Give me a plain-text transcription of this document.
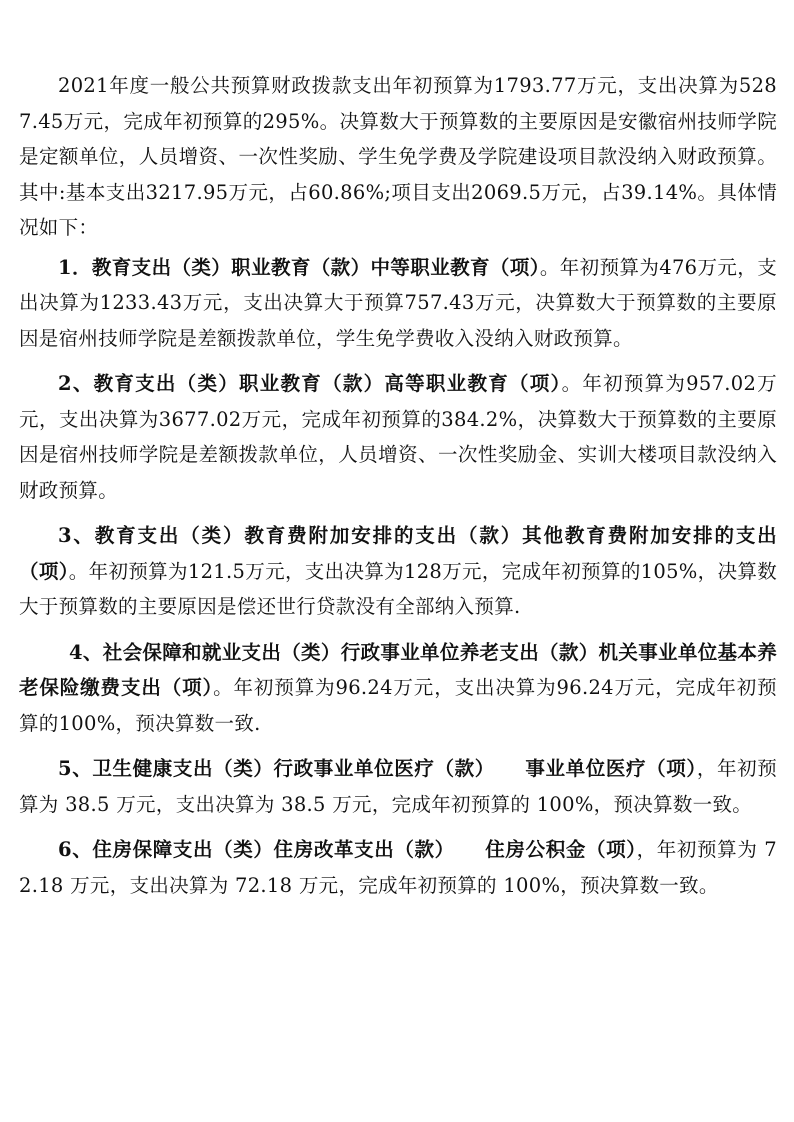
2021年度一般公共预算财政拨款支出年初预算为1793.77万元，支出决算为5287.45万元，完成年初预算的295%。决算数大于预算数的主要原因是安徽宿州技师学院是定额单位，人员增资、一次性奖励、学生免学费及学院建设项目款没纳入财政预算。其中:基本支出3217.95万元，占60.86%;项目支出2069.5万元，占39.14%。具体情况如下：

1．教育支出（类）职业教育（款）中等职业教育（项）。年初预算为476万元，支出决算为1233.43万元，支出决算大于预算757.43万元，决算数大于预算数的主要原因是宿州技师学院是差额拨款单位，学生免学费收入没纳入财政预算。

2、教育支出（类）职业教育（款）高等职业教育（项）。年初预算为957.02万元，支出决算为3677.02万元，完成年初预算的384.2%，决算数大于预算数的主要原因是宿州技师学院是差额拨款单位，人员增资、一次性奖励金、实训大楼项目款没纳入财政预算。

3、教育支出（类）教育费附加安排的支出（款）其他教育费附加安排的支出（项）。年初预算为121.5万元，支出决算为128万元，完成年初预算的105%，决算数大于预算数的主要原因是偿还世行贷款没有全部纳入预算.

4、社会保障和就业支出（类）行政事业单位养老支出（款）机关事业单位基本养老保险缴费支出（项）。年初预算为96.24万元，支出决算为96.24万元，完成年初预算的100%，预决算数一致.

5、卫生健康支出（类）行政事业单位医疗（款）　　事业单位医疗（项），年初预算为 38.5 万元，支出决算为 38.5 万元，完成年初预算的 100%，预决算数一致。

6、住房保障支出（类）住房改革支出（款）　　住房公积金（项），年初预算为 72.18 万元，支出决算为 72.18 万元，完成年初预算的 100%，预决算数一致。
